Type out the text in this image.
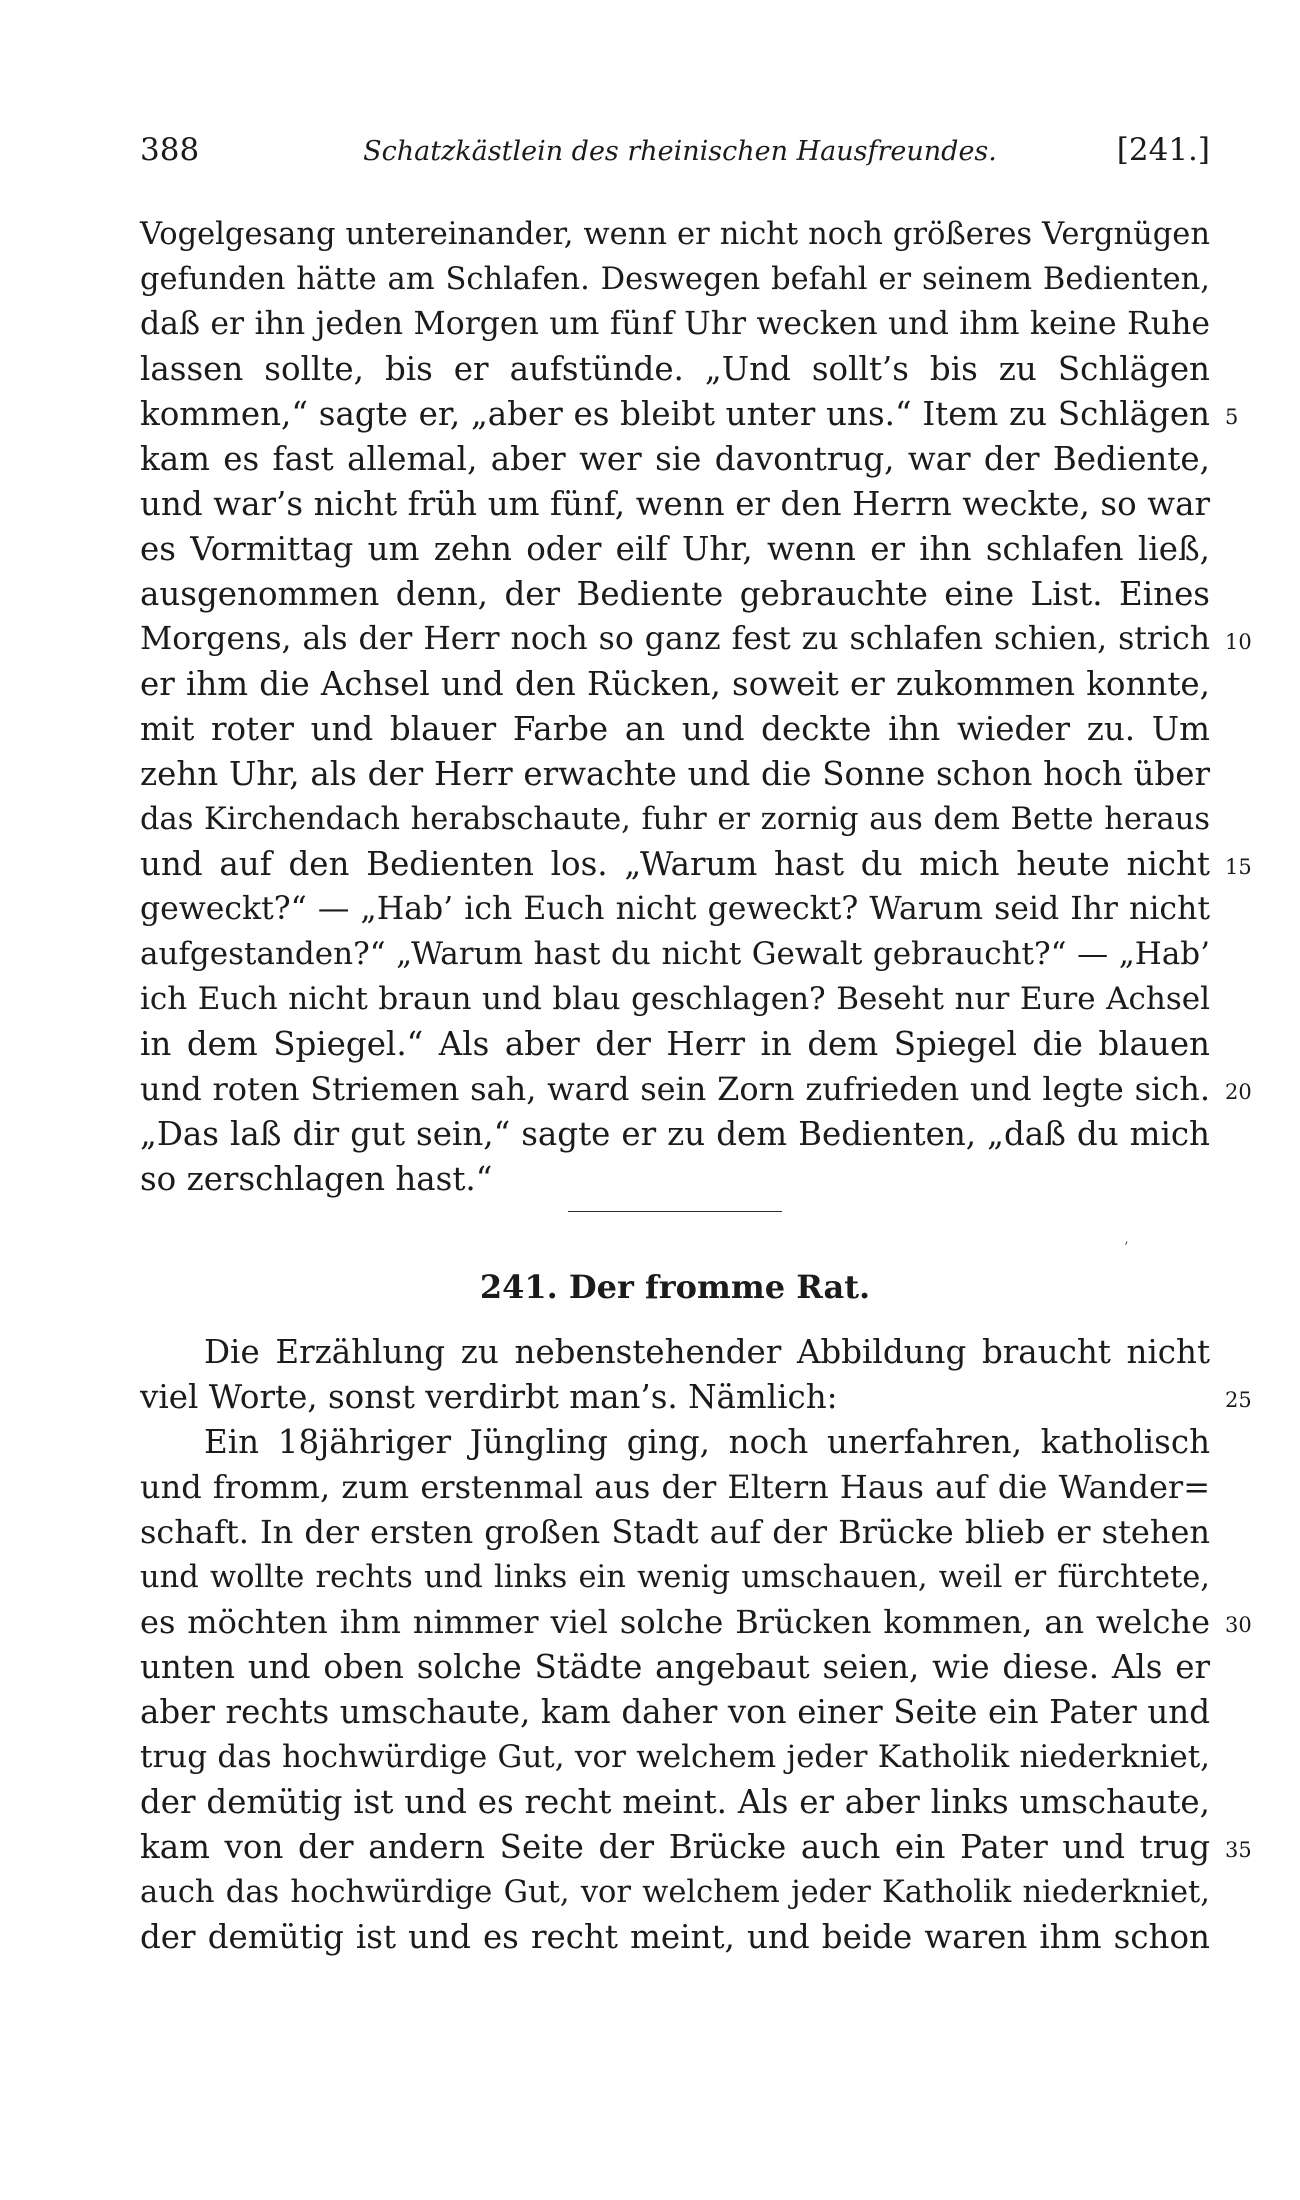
388	Schatzkästlein des rheinischen Hausfreundes.	[241.]
Vogelgesang untereinander, wenn er nicht noch größeres Vergnügen
gefunden hätte am Schlafen. Deswegen befahl er seinem Bedienten,
daß er ihn jeden Morgen um fünf Uhr wecken und ihm keine Ruhe
lassen sollte, bis er aufstünde. „Und sollt’s bis zu Schlägen
kommen,“ sagte er, „aber es bleibt unter uns.“ Item zu Schlägen
kam es fast allemal, aber wer sie davontrug, war der Bediente,
und war’s nicht früh um fünf, wenn er den Herrn weckte, so war
es Vormittag um zehn oder eilf Uhr, wenn er ihn schlafen ließ,
ausgenommen denn, der Bediente gebrauchte eine List. Eines
Morgens, als der Herr noch so ganz fest zu schlafen schien, strich
er ihm die Achsel und den Rücken, soweit er zukommen konnte,
mit roter und blauer Farbe an und deckte ihn wieder zu. Um
zehn Uhr, als der Herr erwachte und die Sonne schon hoch über
das Kirchendach herabschaute, fuhr er zornig aus dem Bette heraus
und auf den Bedienten los. „Warum hast du mich heute nicht
geweckt?“ — „Hab’ ich Euch nicht geweckt? Warum seid Ihr nicht
aufgestanden?“ „Warum hast du nicht Gewalt gebraucht?“ — „Hab’
ich Euch nicht braun und blau geschlagen? Beseht nur Eure Achsel
in dem Spiegel.“ Als aber der Herr in dem Spiegel die blauen
und roten Striemen sah, ward sein Zorn zufrieden und legte sich.
„Das laß dir gut sein,“ sagte er zu dem Bedienten, „daß du mich
so zerschlagen hast.“
’
241. Der fromme Rat.
Die Erzählung zu nebenstehender Abbildung braucht nicht
viel Worte, sonst verdirbt man’s. Nämlich:
Ein 18jähriger Jüngling ging, noch unerfahren, katholisch
und fromm, zum erstenmal aus der Eltern Haus auf die Wander=
schaft. In der ersten großen Stadt auf der Brücke blieb er stehen
und wollte rechts und links ein wenig umschauen, weil er fürchtete,
es möchten ihm nimmer viel solche Brücken kommen, an welche
unten und oben solche Städte angebaut seien, wie diese. Als er
aber rechts umschaute, kam daher von einer Seite ein Pater und
trug das hochwürdige Gut, vor welchem jeder Katholik niederkniet,
der demütig ist und es recht meint. Als er aber links umschaute,
kam von der andern Seite der Brücke auch ein Pater und trug
auch das hochwürdige Gut, vor welchem jeder Katholik niederkniet,
der demütig ist und es recht meint, und beide waren ihm schon
5
10
15
20
25
30
35
